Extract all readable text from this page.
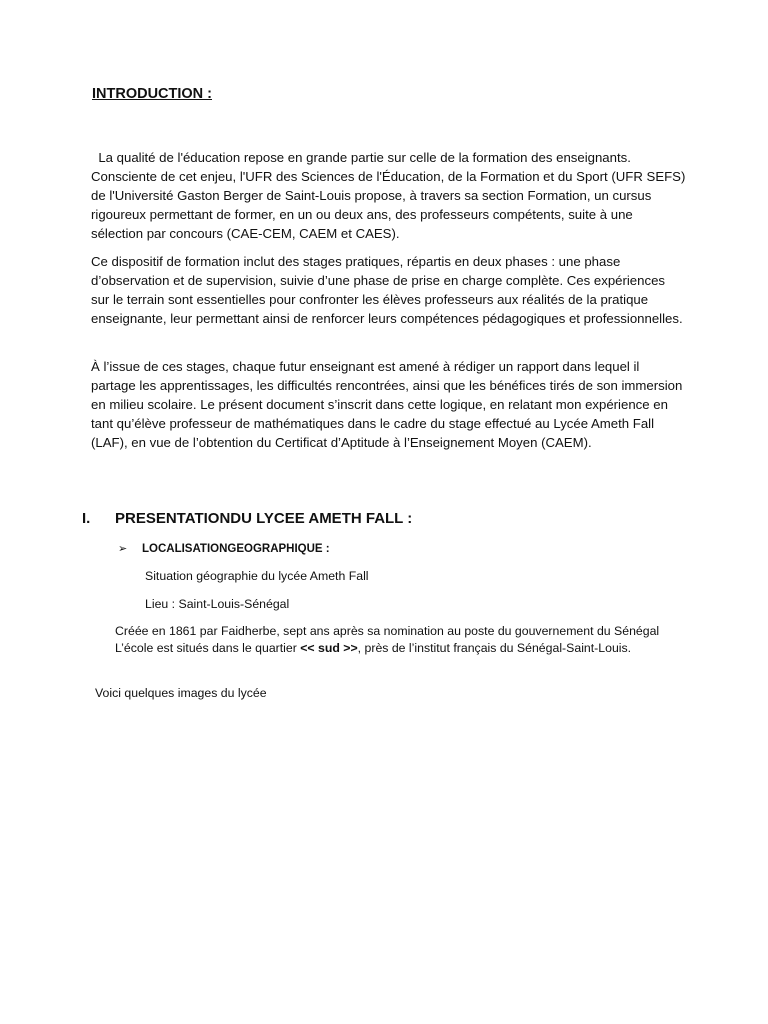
INTRODUCTION :

La qualité de l'éducation repose en grande partie sur celle de la formation des enseignants. Consciente de cet enjeu, l'UFR des Sciences de l'Éducation, de la Formation et du Sport (UFR SEFS) de l'Université Gaston Berger de Saint-Louis propose, à travers sa section Formation, un cursus rigoureux permettant de former, en un ou deux ans, des professeurs compétents, suite à une sélection par concours (CAE-CEM, CAEM et CAES).

Ce dispositif de formation inclut des stages pratiques, répartis en deux phases : une phase d’observation et de supervision, suivie d’une phase de prise en charge complète. Ces expériences sur le terrain sont essentielles pour confronter les élèves professeurs aux réalités de la pratique enseignante, leur permettant ainsi de renforcer leurs compétences pédagogiques et professionnelles.

À l’issue de ces stages, chaque futur enseignant est amené à rédiger un rapport dans lequel il partage les apprentissages, les difficultés rencontrées, ainsi que les bénéfices tirés de son immersion en milieu scolaire. Le présent document s’inscrit dans cette logique, en relatant mon expérience en tant qu’élève professeur de mathématiques dans le cadre du stage effectué au Lycée Ameth Fall (LAF), en vue de l’obtention du Certificat d’Aptitude à l’Enseignement Moyen (CAEM).

I.	PRESENTATIONDU LYCEE AMETH FALL :
➢	LOCALISATIONGEOGRAPHIQUE :

Situation géographie du lycée Ameth Fall

Lieu : Saint-Louis-Sénégal

Créée en 1861 par Faidherbe, sept ans après sa nomination au poste du gouvernement du Sénégal L’école est situés dans le quartier << sud >>, près de l’institut français du Sénégal-Saint-Louis.

Voici quelques images du lycée
